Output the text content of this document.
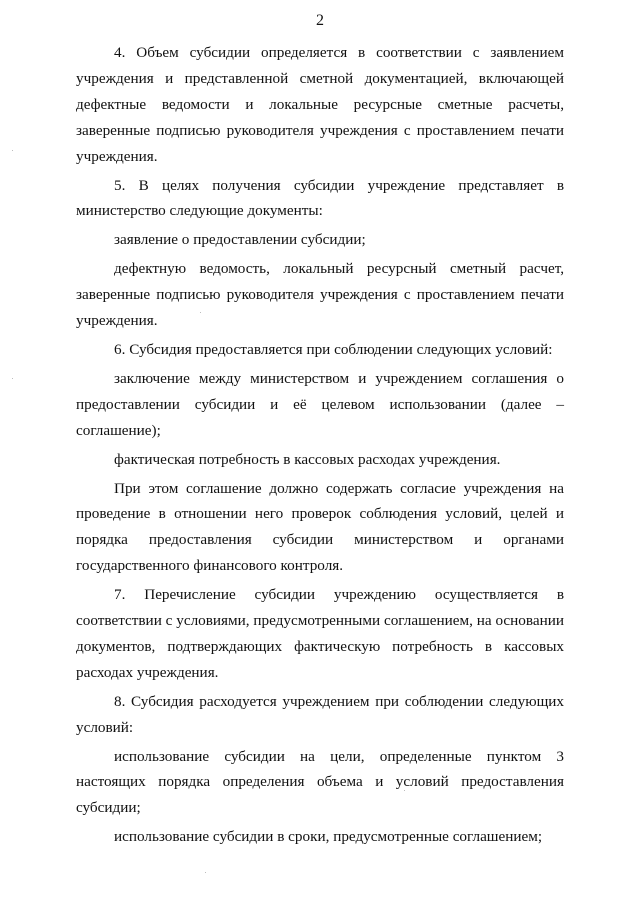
2

4. Объем субсидии определяется в соответствии с заявлением учреждения и представленной сметной документацией, включающей дефектные ведомости и локальные ресурсные сметные расчеты, заверенные подписью руководителя учреждения с проставлением печати учреждения.

5. В целях получения субсидии учреждение представляет в министерство следующие документы:

заявление о предоставлении субсидии;

дефектную ведомость, локальный ресурсный сметный расчет, заверенные подписью руководителя учреждения с проставлением печати учреждения.

6. Субсидия предоставляется при соблюдении следующих условий:

заключение между министерством и учреждением соглашения о предоставлении субсидии и её целевом использовании (далее – соглашение);

фактическая потребность в кассовых расходах учреждения.

При этом соглашение должно содержать согласие учреждения на проведение в отношении него проверок соблюдения условий, целей и порядка предоставления субсидии министерством и органами государственного финансового контроля.

7. Перечисление субсидии учреждению осуществляется в соответствии с условиями, предусмотренными соглашением, на основании документов, подтверждающих фактическую потребность в кассовых расходах учреждения.

8. Субсидия расходуется учреждением при соблюдении следующих условий:

использование субсидии на цели, определенные пунктом 3 настоящих порядка определения объема и условий предоставления субсидии;

использование субсидии в сроки, предусмотренные соглашением;
